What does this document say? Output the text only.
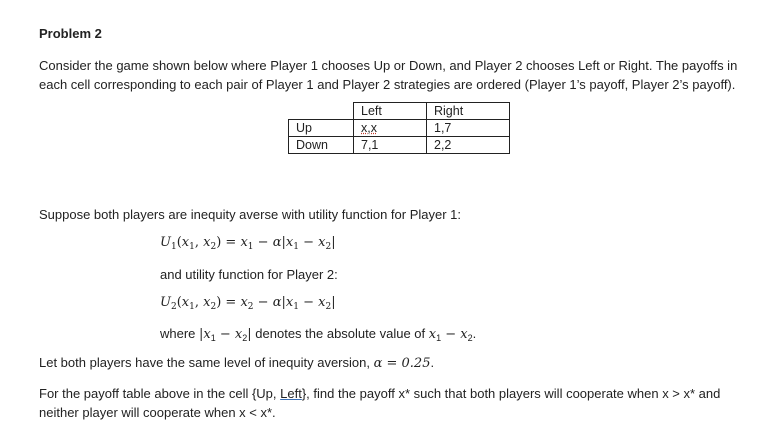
Problem 2
Consider the game shown below where Player 1 chooses Up or Down, and Player 2 chooses Left or Right. The payoffs in
each cell corresponding to each pair of Player 1 and Player 2 strategies are ordered (Player 1’s payoff, Player 2’s payoff).
	Left	Right
Up	x,x	1,7
Down	7,1	2,2
Suppose both players are inequity averse with utility function for Player 1:
$U_1(x_1$, $x_2) = x_1 - \alpha|x_1 - x_2|$
and utility function for Player 2:
$U_2(x_1$, $x_2) = x_2 - \alpha|x_1 - x_2|$
where $|x_1 - x_2|$ denotes the absolute value of $x_1 - x_2$.
Let both players have the same level of inequity aversion, α = 0.25.
For the payoff table above in the cell {Up, Left}, find the payoff x* such that both players will cooperate when x > x* and
neither player will cooperate when x < x*.
